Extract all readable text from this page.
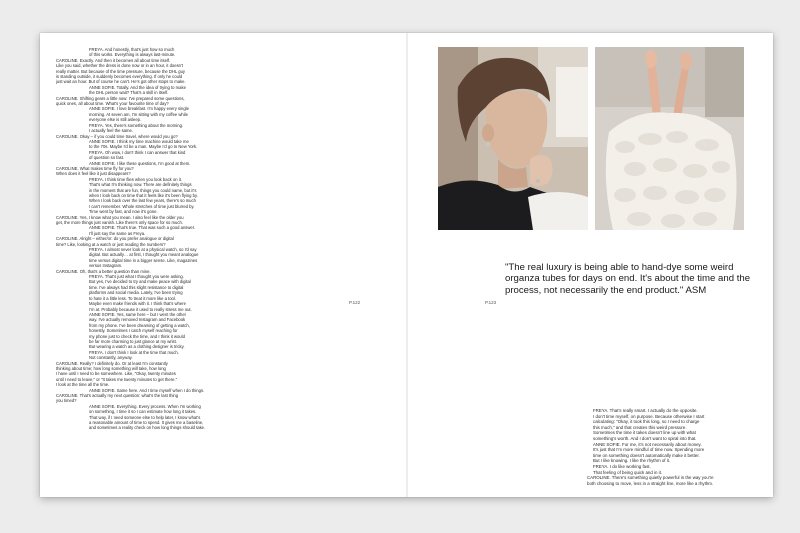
FREYA. And honestly, that's just how so much
of this works. Everything is always last-minute.
CAROLINE. Exactly. And then it becomes all about time itself.
Like you said, whether the dress is done now or in an hour, it doesn't
really matter. But because of the time pressure, because the DHL guy
is standing outside, it suddenly becomes everything. If only he could
just wait an hour. But of course he can't. He's got other stops to make.
ANNE SOFIE. Totally. And the idea of trying to make
the DHL person wait? That's a skill in itself.
CAROLINE. Shifting gears a little now: I've prepared some questions,
quick ones, all about time. What's your favourite time of day?
ANNE SOFIE. I love breakfast. I'm happy every single
morning. At seven am, I'm sitting with my coffee while
everyone else is still asleep.
FREYA. Yes, there's something about the morning.
I actually feel the same.
CAROLINE. Okay – if you could time travel, where would you go?
ANNE SOFIE. I think my time machine would take me
to the 70s. Maybe I'd be a man. Maybe I'd go to New York.
FREYA. Oh wow, I don't think I can answer that kind
of question so fast.
ANNE SOFIE. I like these questions, I'm good at them.
CAROLINE. What makes time fly for you?
When does it feel like it just disappears?
FREYA. I think time flies when you look back on it.
That's what I'm thinking now. There are definitely things
in the moment that are fun, things you could name, but it's
when I look back on time that it feels like it's been flying by.
When I look back over the last few years, there's so much
I can't remember. Whole stretches of time just blurred by.
Time went by fast, and now it's gone.
CAROLINE. Yes, I know what you mean. I also feel like the older you
get, the more things just vanish. Like there's only space for so much.
ANNE SOFIE. That's true. That was such a good answer.
I'll just say the same as Freya.
CAROLINE. Alright – either/or: do you prefer analogue or digital
time? Like, looking at a watch or just reading the numbers?
FREYA. I almost never look at a physical watch, so I'd say
digital. But actually… at first, I thought you meant analogue
time versus digital time in a bigger sense. Like, magazines
versus Instagram.
CAROLINE. Oh, that's a better question than mine.
FREYA. That's just what I thought you were asking.
But yes, I've decided to try and make peace with digital
time. I've always had this slight resistance to digital
platforms and social media. Lately, I've been trying
to hate it a little less. To treat it more like a tool.
Maybe even make friends with it. I think that's where
I'm at. Probably because it used to really stress me out.
ANNE SOFIE. Yes, same here – but I went the other
way. I've actually removed Instagram and Facebook
from my phone. I've been dreaming of getting a watch,
honestly. Sometimes I catch myself reaching for
my phone just to check the time, and I think it would
be far more charming to just glance at my wrist.
But wearing a watch as a clothing designer is tricky.
FREYA. I don't think I look at the time that much.
Not constantly, anyway.
CAROLINE. Really? I definitely do. Or at least I'm constantly
thinking about time; how long something will take, how long
I have until I need to be somewhere. Like, "Okay, twenty minutes
until I need to leave," or "It takes me twenty minutes to get there."
I look at the time all the time.
ANNE SOFIE. Same here. And I time myself when I do things.
CAROLINE. That's actually my next question: what's the last thing
you timed?
ANNE SOFIE. Everything. Every process. When I'm working
on something, I time it so I can estimate how long it takes.
That way, if I need someone else to help later, I know what's
a reasonable amount of time to spend. It gives me a baseline,
and sometimes a reality check on how long things should take.
P.122	P.123
"The real luxury is being able to hand-dye some weird organza tubes for days on end. It's about the time and the process, not necessarily the end product." ASM
FREYA. That's really smart. I actually do the opposite.
I don't time myself, on purpose. Because otherwise I start
calculating: "Okay, it took this long, so I need to charge
this much," and that creates this weird pressure.
Sometimes the time it takes doesn't line up with what
something's worth. And I don't want to spiral into that.
ANNE SOFIE. For me, it's not necessarily about money.
It's just that I'm more mindful of time now. Spending more
time on something doesn't automatically make it better.
But I like knowing. I like the rhythm of it.
FREYA. I do like working fast.
That feeling of being quick and in it.
CAROLINE. There's something quietly powerful in the way you're
both choosing to move, less in a straight line, more like a rhythm.
